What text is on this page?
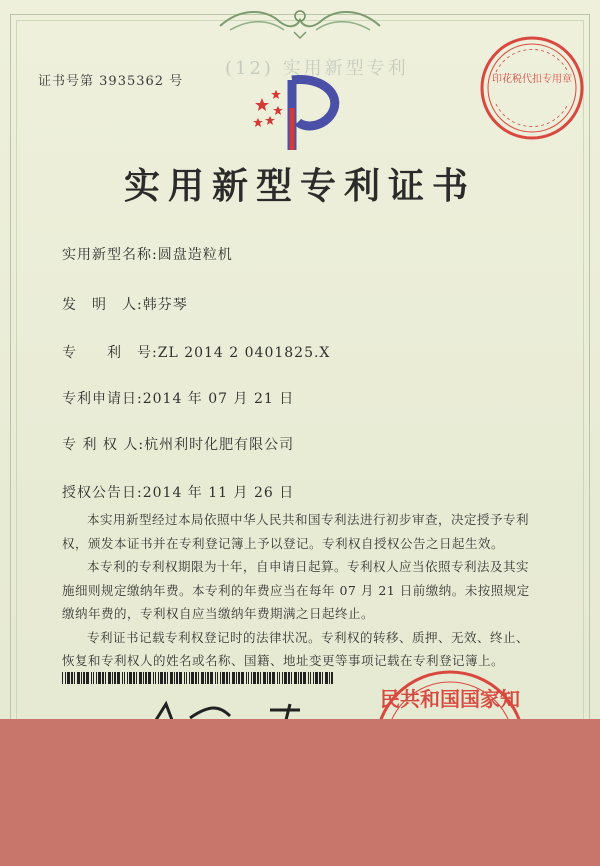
(12) 实用新型专利
证书号第 3935362 号	印花税代扣专用章
实用新型专利证书
实用新型名称:圆盘造粒机
发　明　人:韩芬琴
专　　利　号:ZL 2014 2 0401825.X
专利申请日:2014 年 07 月 21 日
专 利 权 人:杭州利时化肥有限公司
授权公告日:2014 年 11 月 26 日

本实用新型经过本局依照中华人民共和国专利法进行初步审查，决定授予专利权，颁发本证书并在专利登记簿上予以登记。专利权自授权公告之日起生效。

本专利的专利权期限为十年，自申请日起算。专利权人应当依照专利法及其实施细则规定缴纳年费。本专利的年费应当在每年 07 月 21 日前缴纳。未按照规定缴纳年费的，专利权自应当缴纳年费期满之日起终止。

专利证书记载专利权登记时的法律状况。专利权的转移、质押、无效、终止、恢复和专利权人的姓名或名称、国籍、地址变更等事项记载在专利登记簿上。

民共和国国家知
